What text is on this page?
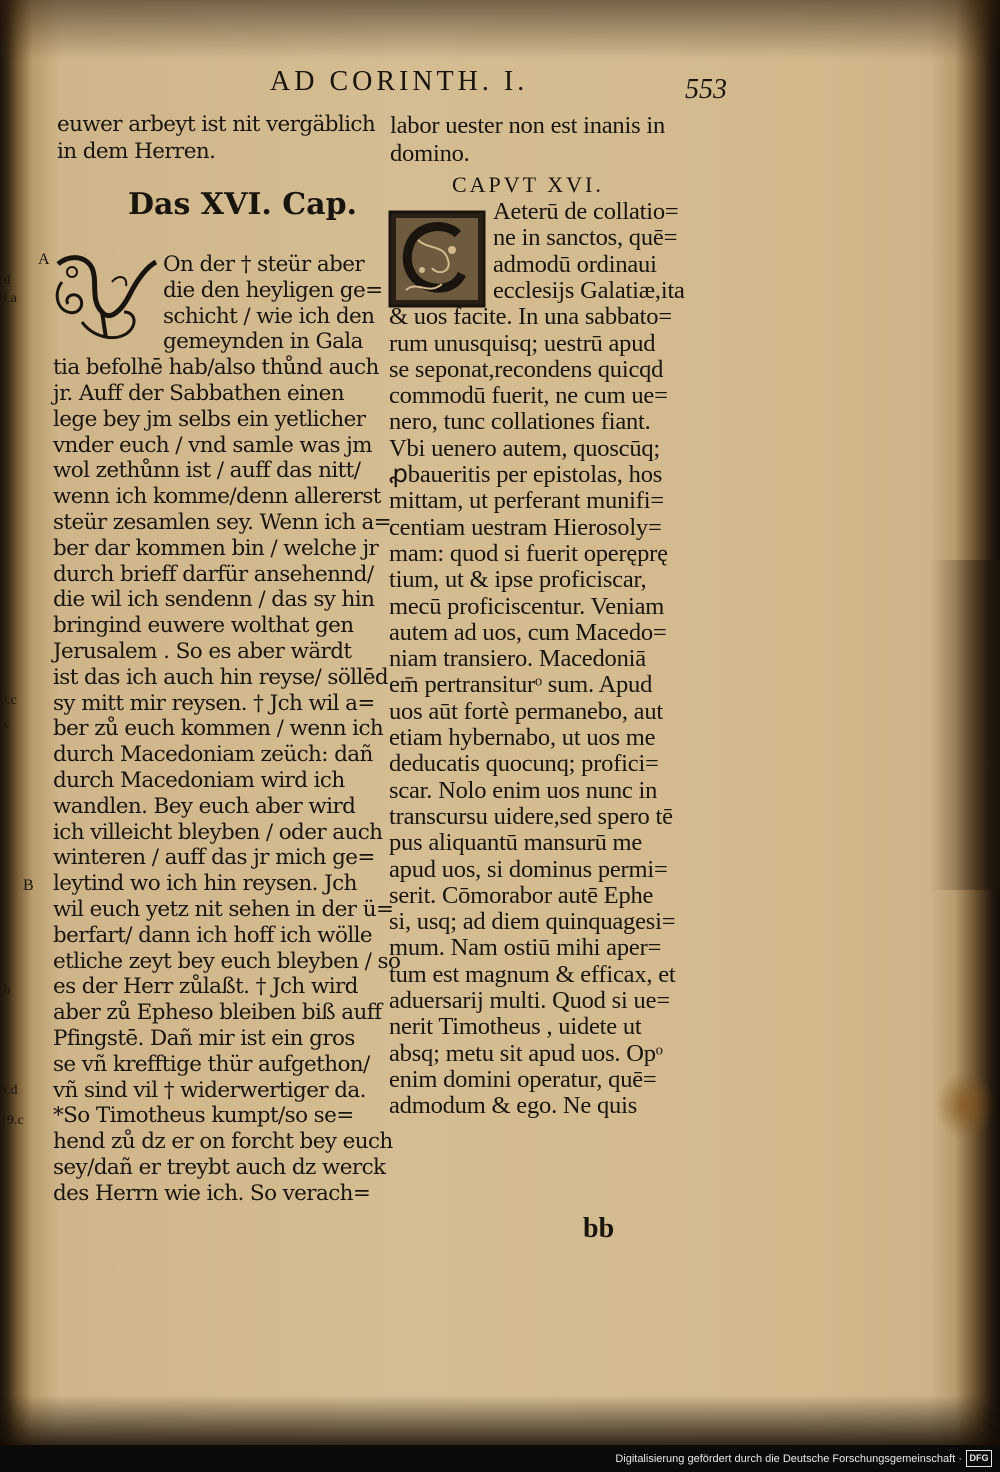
AD CORINTH. I.	553
euwer arbeyt ist nit vergäblich
in dem Herren.
Das XVI. Cap.
On der † steür aber
die den heyligen ge=
schicht / wie ich den
gemeynden in Gala
tia befolhē hab/also thůnd auch
jr. Auff der Sabbathen einen
lege bey jm selbs ein yetlicher
vnder euch / vnd samle was jm
wol zethůnn ist / auff das nitt/
wenn ich komme/denn allererst
steür zesamlen sey. Wenn ich a=
ber dar kommen bin / welche jr
durch brieff darfür ansehennd/
die wil ich sendenn / das sy hin
bringind euwere wolthat gen
Jerusalem . So es aber wärdt
ist das ich auch hin reyse/ söllēd
sy mitt mir reysen. † Jch wil a=
ber zů euch kommen / wenn ich
durch Macedoniam zeüch: dañ
durch Macedoniam wird ich
wandlen. Bey euch aber wird
ich villeicht bleyben / oder auch
winteren / auff das jr mich ge=
leytind wo ich hin reysen. Jch
wil euch yetz nit sehen in der ü=
berfart/ dann ich hoff ich wölle
etliche zeyt bey euch bleyben / so
es der Herr zůlaßt. † Jch wird
aber zů Epheso bleiben biß auff
Pfingstē. Dañ mir ist ein gros
se vñ krefftige thür aufgethon/
vñ sind vil † widerwertiger da.
*So Timotheus kumpt/so se=
hend zů dz er on forcht bey euch
sey/dañ er treybt auch dz werck
des Herrn wie ich. So verach=
labor uester non est inanis in
domino.
CAPVT XVI.
Aeterū de collatio=
ne in sanctos, quē=
admodū ordinaui
ecclesijs Galatiæ,ita
& uos facite. In una sabbato=
rum unusquisq; uestrū apud
se seponat,recondens quicqd
commodū fuerit, ne cum ue=
nero, tunc collationes fiant.
Vbi uenero autem, quoscūq;
ꝓbaueritis per epistolas, hos
mittam, ut perferant munifi=
centiam uestram Hierosoly=
mam: quod si fuerit operęprę
tium, ut & ipse proficiscar,
mecū proficiscentur. Veniam
autem ad uos, cum Macedo=
niam transiero. Macedoniā
em̄ pertransiturᵒ sum. Apud
uos aūt fortè permanebo, aut
etiam hybernabo, ut uos me
deducatis quocunq; profici=
scar. Nolo enim uos nunc in
transcursu uidere,sed spero tē
pus aliquantū mansurū me
apud uos, si dominus permi=
serit. Cōmorabor autē Ephe
si, usq; ad diem quinquagesi=
mum. Nam ostiū mihi aper=
tum est magnum & efficax, et
aduersarij multi. Quod si ue=
nerit Timotheus , uidete ut
absq; metu sit apud uos. Opᵒ
enim domini operatur, quē=
admodum & ego. Ne quis
bb
A
B
.d
8.a
0.c
.c
.b
5.d
19.c
Digitalisierung gefördert durch die Deutsche Forschungsgemeinschaft · DFG
